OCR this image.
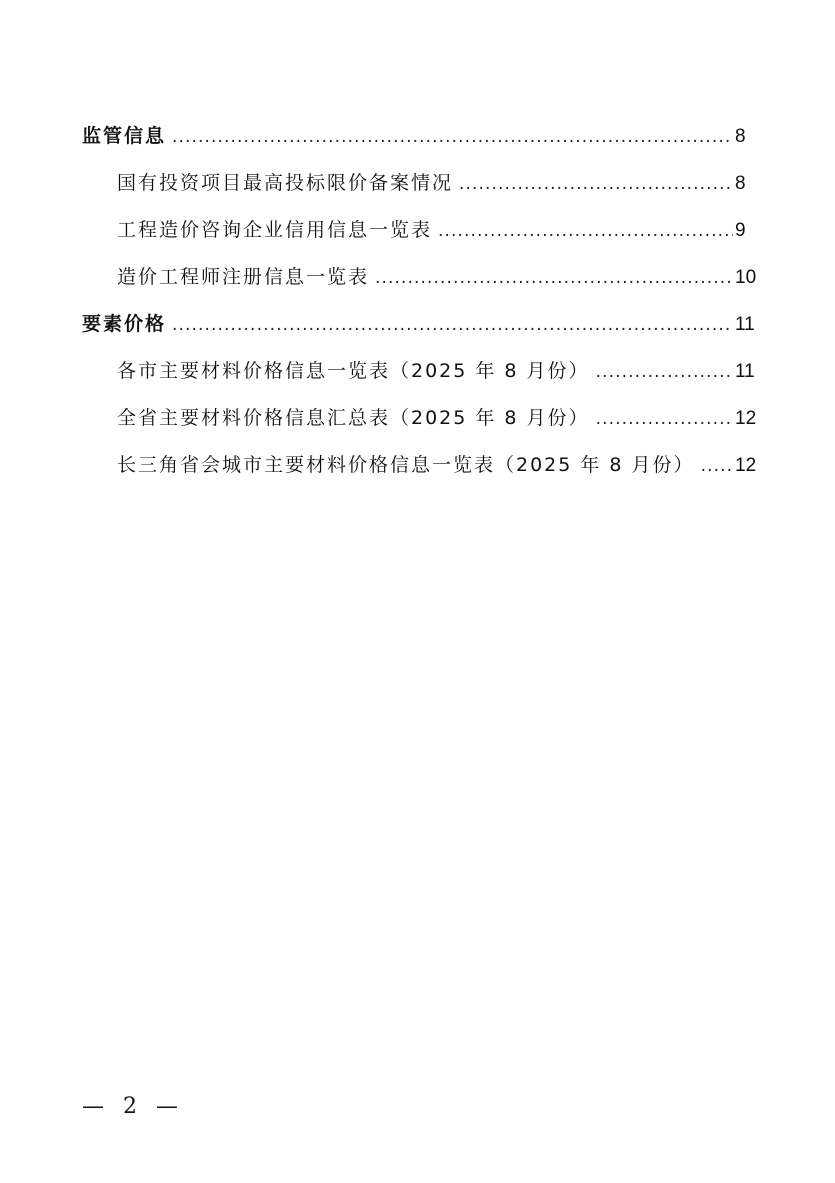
监管信息 .....	8
国有投资项目最高投标限价备案情况 .....	8
工程造价咨询企业信用信息一览表 .....	9
造价工程师注册信息一览表 .....	10
要素价格 .....	11
各市主要材料价格信息一览表（2025 年 8 月份） .....	11
全省主要材料价格信息汇总表（2025 年 8 月份） .....	12
长三角省会城市主要材料价格信息一览表（2025 年 8 月份） ..... 12
— 2 —
